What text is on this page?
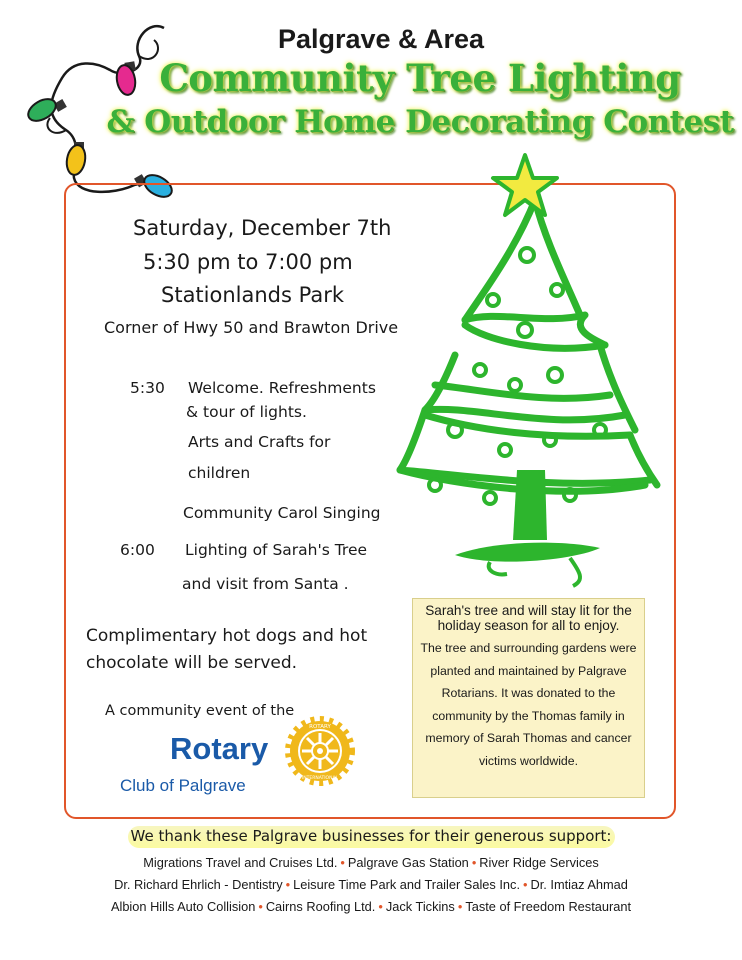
Palgrave & Area
Community Tree Lighting
& Outdoor Home Decorating Contest
Saturday, December 7th
5:30 pm to 7:00 pm
Stationlands Park
Corner of Hwy 50 and Brawton Drive
5:30 Welcome. Refreshments
& tour of lights.
Arts and Crafts for
children
Community Carol Singing
6:00 Lighting of Sarah's Tree
and visit from Santa .
Complimentary hot dogs and hot
chocolate will be served.
A community event of the
Rotary
Club of Palgrave
ROTARY
INTERNATIONAL
Sarah's tree and will stay lit for the holiday season for all to enjoy.
The tree and surrounding gardens were planted and maintained by Palgrave Rotarians. It was donated to the community by the Thomas family in memory of Sarah Thomas and cancer victims worldwide.
We thank these Palgrave businesses for their generous support:
Migrations Travel and Cruises Ltd. • Palgrave Gas Station • River Ridge Services
Dr. Richard Ehrlich - Dentistry • Leisure Time Park and Trailer Sales Inc. • Dr. Imtiaz Ahmad
Albion Hills Auto Collision • Cairns Roofing Ltd. • Jack Tickins • Taste of Freedom Restaurant
